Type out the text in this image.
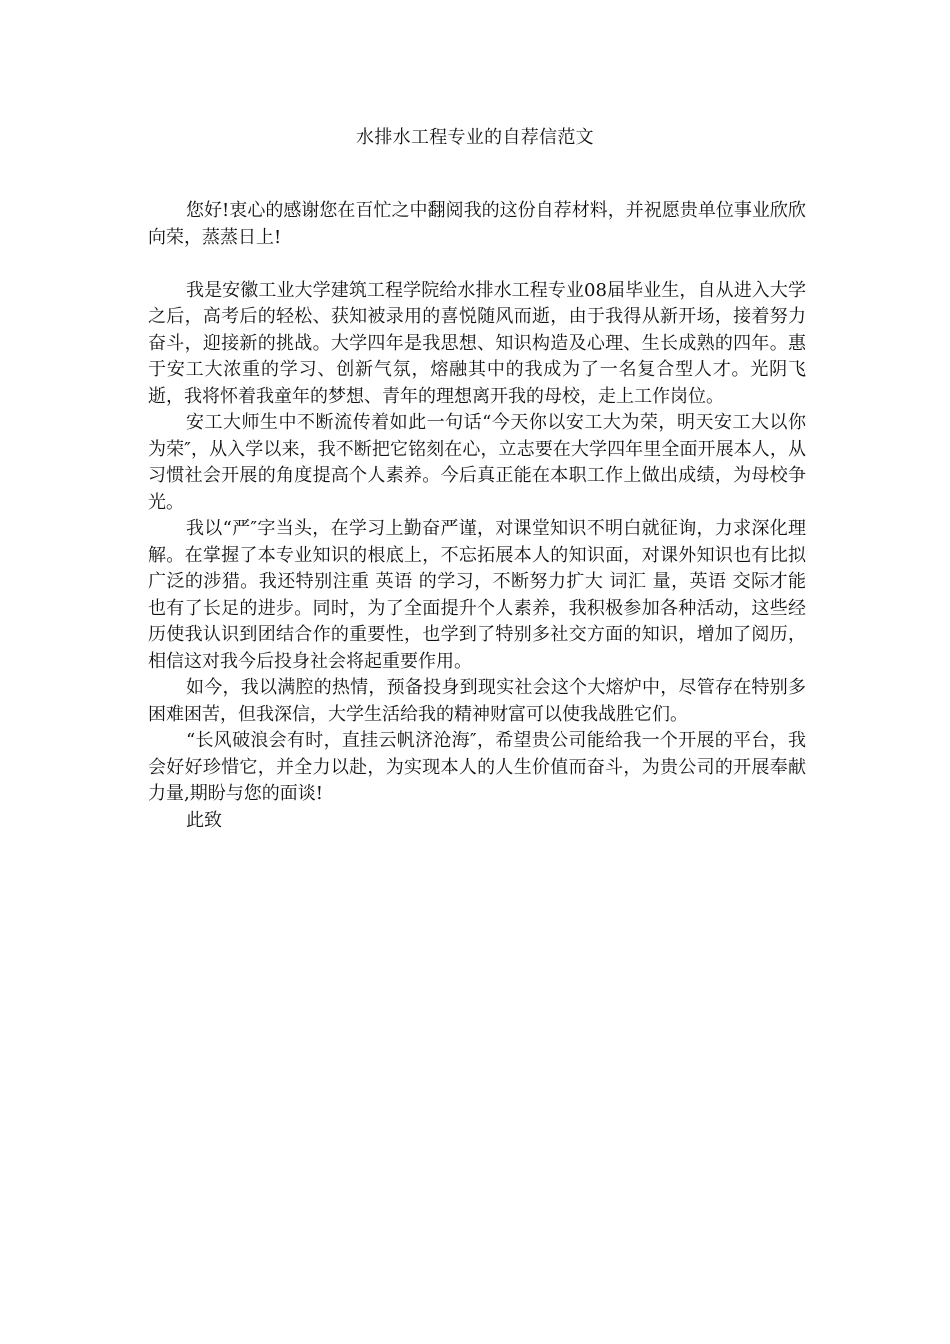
水排水工程专业的自荐信范文

您好!衷心的感谢您在百忙之中翻阅我的这份自荐材料，并祝愿贵单位事业欣欣向荣，蒸蒸日上!

我是安徽工业大学建筑工程学院给水排水工程专业08届毕业生，自从进入大学之后，高考后的轻松、获知被录用的喜悦随风而逝，由于我得从新开场，接着努力奋斗，迎接新的挑战。大学四年是我思想、知识构造及心理、生长成熟的四年。惠于安工大浓重的学习、创新气氛，熔融其中的我成为了一名复合型人才。光阴飞逝，我将怀着我童年的梦想、青年的理想离开我的母校，走上工作岗位。

安工大师生中不断流传着如此一句话“今天你以安工大为荣，明天安工大以你为荣″，从入学以来，我不断把它铭刻在心，立志要在大学四年里全面开展本人，从习惯社会开展的角度提高个人素养。今后真正能在本职工作上做出成绩，为母校争光。

我以“严″字当头，在学习上勤奋严谨，对课堂知识不明白就征询，力求深化理解。在掌握了本专业知识的根底上，不忘拓展本人的知识面，对课外知识也有比拟广泛的涉猎。我还特别注重 英语 的学习，不断努力扩大 词汇 量，英语 交际才能也有了长足的进步。同时，为了全面提升个人素养，我积极参加各种活动，这些经历使我认识到团结合作的重要性，也学到了特别多社交方面的知识，增加了阅历，相信这对我今后投身社会将起重要作用。

如今，我以满腔的热情，预备投身到现实社会这个大熔炉中，尽管存在特别多困难困苦，但我深信，大学生活给我的精神财富可以使我战胜它们。

“长风破浪会有时，直挂云帆济沧海″，希望贵公司能给我一个开展的平台，我会好好珍惜它，并全力以赴，为实现本人的人生价值而奋斗，为贵公司的开展奉献力量,期盼与您的面谈!

此致
